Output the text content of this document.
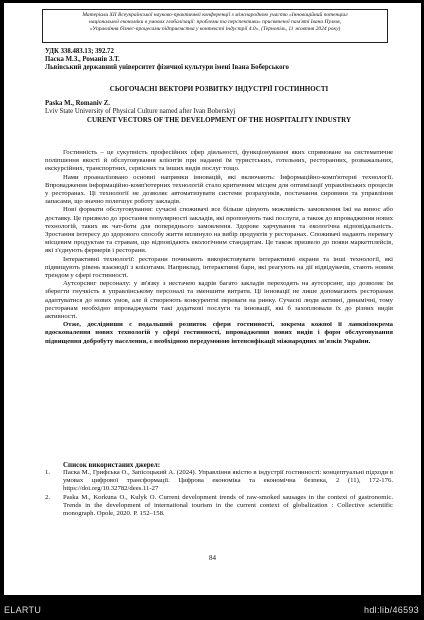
Матеріали XII Всеукраїнської науково-практичної конференції з міжнародною участю «Інноваційний потенціал
національної економіки в умовах глобалізації: проблеми та перспективи» присвяченої пам'яті Івана Пулюя,
«Управління бізнес-процесами підприємства у контексті індустрії 4.0», (Тернопіль, 11 жовтня 2024 року)
УДК 338.483.13; 392.72
Паска М.З., Романів З.Т.
Львівський державний університет фізичної культури імені Івана Боберського
СЬОГОЧАСНІ ВЕКТОРИ РОЗВИТКУ ІНДУСТРІЇ ГОСТИННОСТІ
Paska M., Romaniv Z.
Lviv State University of Physical Culture named after Ivan Boberskyj
CURENT VECTORS OF THE DEVELOPMENT OF THE HOSPITALITY INDUSTRY

Гостинність – це сукупність професійних сфер діяльності, функціонування яких спрямоване на систематичне поліпшення якості й обслуговування клієнтів при наданні їм туристських, готельних, ресторанних, розважальних, екскурсійних, транспортних, сервісних та інших видів послуг тощо.

Нами проаналізовано основні напрямки інновацій, які включають: Інформаційно-комп'ютерні технології. Впровадження інформаційно-комп'ютерних технологій стало критичним місцем для оптимізації управлінських процесів у ресторанах. Ці технології не дозволяє автоматизувати системи розрахунків, постачання сировини та управління запасами, що значно полегшує роботу закладів.

Нові формати обслуговування: сучасні споживачі все більше цінують можливість замовлення їжі на винос або доставку. Це призвело до зростання популярності закладів, які пропонують такі послуги, а також до впровадження нових технологій, таких як чат-боти для попереднього замовлення. Здорове харчування та екологічна відповідальність. Зростання інтересу до здорового способу життя вплинуло на вибір продуктів у ресторанах. Споживачі надають перевагу місцевим продуктам та стравам, що відповідають екологічним стандартам. Це також призвело до появи маркетплейсів, які з'єднують фермерів і ресторани.

Інтерактивні технології: ресторани починають використовувати інтерактивні екрани та інші технології, які підвищують рівень взаємодії з клієнтами. Наприклад, інтерактивні бари, які реагують на дії відвідувачів, стають новим трендом у сфері гостинності.

Аутсорсинг персоналу: у зв'язку з нестачею кадрів багато закладів переходять на аутсорсинг, що дозволяє їм зберегти гнучкість в управлінському персоналі та зменшити витрати. Ці інновації не лише допомагають ресторанам адаптуватися до нових умов, але й створюють конкурентні переваги на ринку. Сучасні люди активні, динамічні, тому ресторанам необхідно впроваджувати такі додаткові послуги та інновації, які б захоплювали їх до різних видів активності.

Отже, дослідивши с подальший розвиток сфери гостинності, зокрема кожної її ланкиізокрема вдосконалення нових технологій у сфері гостинності, впровадження нових видів і форм обслуговування підвищення добробуту населення, є необхідною передумовою інтенсифікації міжнародних зв'язків України.

Список використаних джерел:

1. Паска М., Грифська О., Запісоцький А. (2024). Управління якістю в індустрії гостинності: концептуальні підходи в умовах цифрової трансформації. Цифрова економіка та економічна безпека, 2 (11), 172-176. https://doi.org/10.32782/dees.11-27

2. Paska M., Korkuna O., Kulyk O. Current development trends of raw-smoked sausages in the context of gastronomic. Trends in the development of international tourism in the current context of globalization : Collective scientific monograph. Opole, 2020. P. 152–158.

84
ELARTU	hdl:lib/46593
